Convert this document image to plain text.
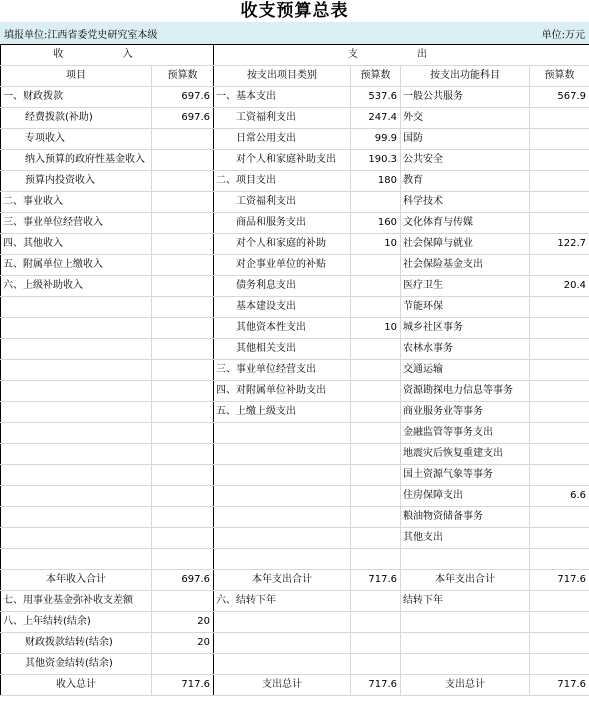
收支预算总表
填报单位:江西省委党史研究室本级	单位:万元
收 入		支 出			
项目	预算数	按支出项目类别	预算数	按支出功能科目	预算数
一、财政拨款	697.6	一、基本支出	537.6	一般公共服务	567.9
经费拨款(补助)	697.6	工资福利支出	247.4	外交	
专项收入		日常公用支出	99.9	国防	
纳入预算的政府性基金收入		对个人和家庭补助支出	190.3	公共安全	
预算内投资收入		二、项目支出	180	教育	
二、事业收入		工资福利支出		科学技术	
三、事业单位经营收入		商品和服务支出	160	文化体育与传媒	
四、其他收入		对个人和家庭的补助	10	社会保障与就业	122.7
五、附属单位上缴收入		对企事业单位的补贴		社会保险基金支出	
六、上级补助收入		债务利息支出		医疗卫生	20.4
		基本建设支出		节能环保	
		其他资本性支出	10	城乡社区事务	
		其他相关支出		农林水事务	
		三、事业单位经营支出		交通运输	
		四、对附属单位补助支出		资源勘探电力信息等事务	
		五、上缴上级支出		商业服务业等事务	
				金融监管等事务支出	
				地震灾后恢复重建支出	
				国土资源气象等事务	
				住房保障支出	6.6
				粮油物资储备事务	
				其他支出	

本年收入合计	697.6	本年支出合计	717.6	本年支出合计	717.6
七、用事业基金弥补收支差额		六、结转下年		结转下年	
八、上年结转(结余)	20				
财政拨款结转(结余)	20				
其他资金结转(结余)					
收入总计	717.6	支出总计	717.6	支出总计	717.6
